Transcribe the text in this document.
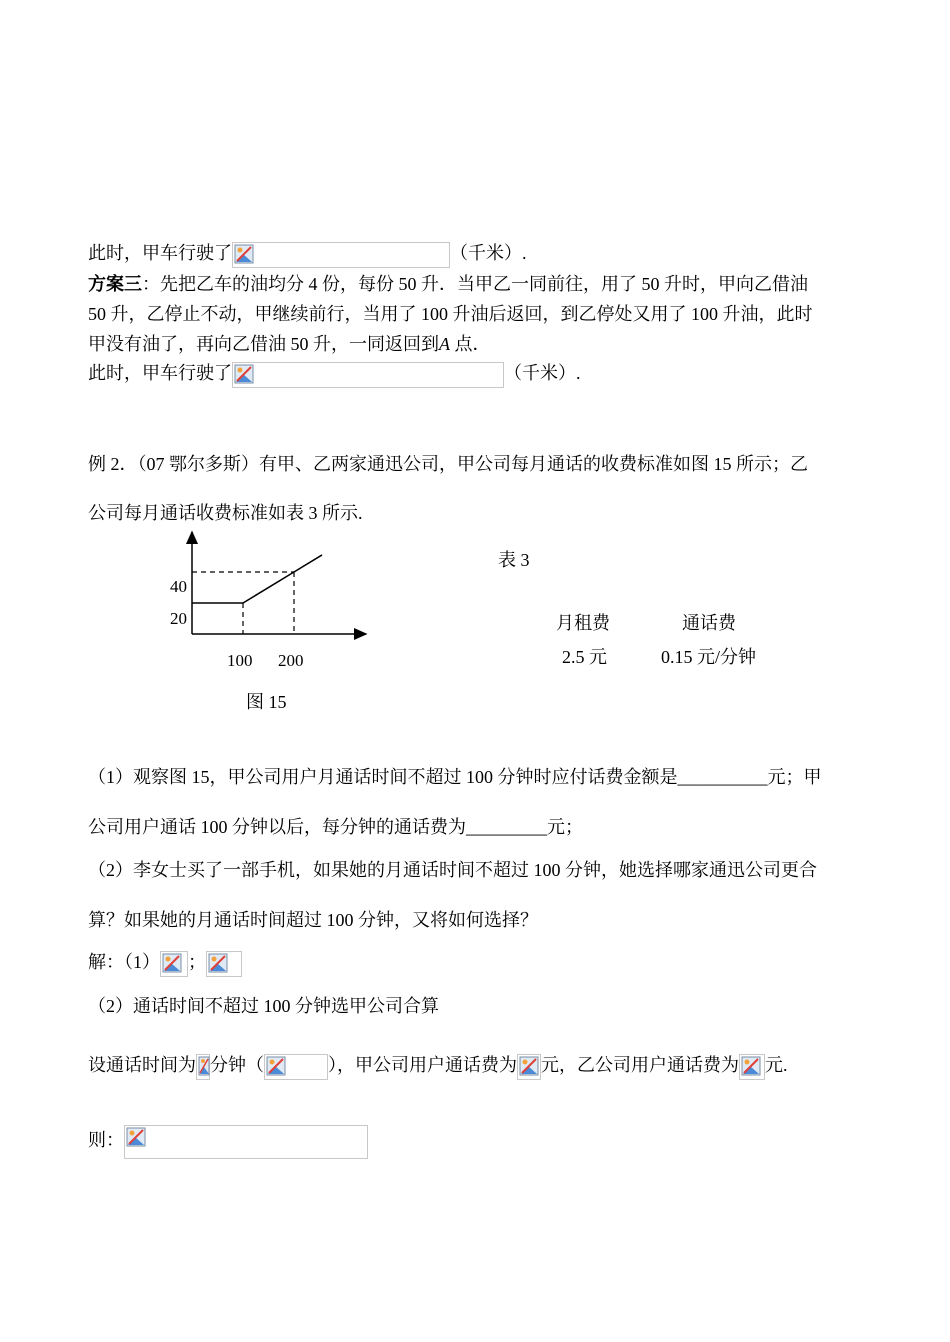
此时，甲车行驶了	（千米）.
方案三：先把乙车的油均分 4 份，每份 50 升．当甲乙一同前往，用了 50 升时，甲向乙借油
50 升，乙停止不动，甲继续前行，当用了 100 升油后返回，到乙停处又用了 100 升油，此时
甲没有油了，再向乙借油 50 升，一同返回到A 点．
此时，甲车行驶了	（千米）.
例 2．（07 鄂尔多斯）有甲、乙两家通迅公司，甲公司每月通话的收费标准如图 15 所示；乙
公司每月通话收费标准如表 3 所示.
40
20
100 200
图 15
表 3
月租费	通话费
2.5 元	0.15 元/分钟
（1）观察图 15，甲公司用户月通话时间不超过 100 分钟时应付话费金额是__________元；甲
公司用户通话 100 分钟以后，每分钟的通话费为_________元；
（2）李女士买了一部手机，如果她的月通话时间不超过 100 分钟，她选择哪家通迅公司更合
算？如果她的月通话时间超过 100 分钟，又将如何选择？
解：（1） ；
（2）通话时间不超过 100 分钟选甲公司合算
设通话时间为 分钟（	），甲公司用户通话费为 元，乙公司用户通话费为 元.
则：
